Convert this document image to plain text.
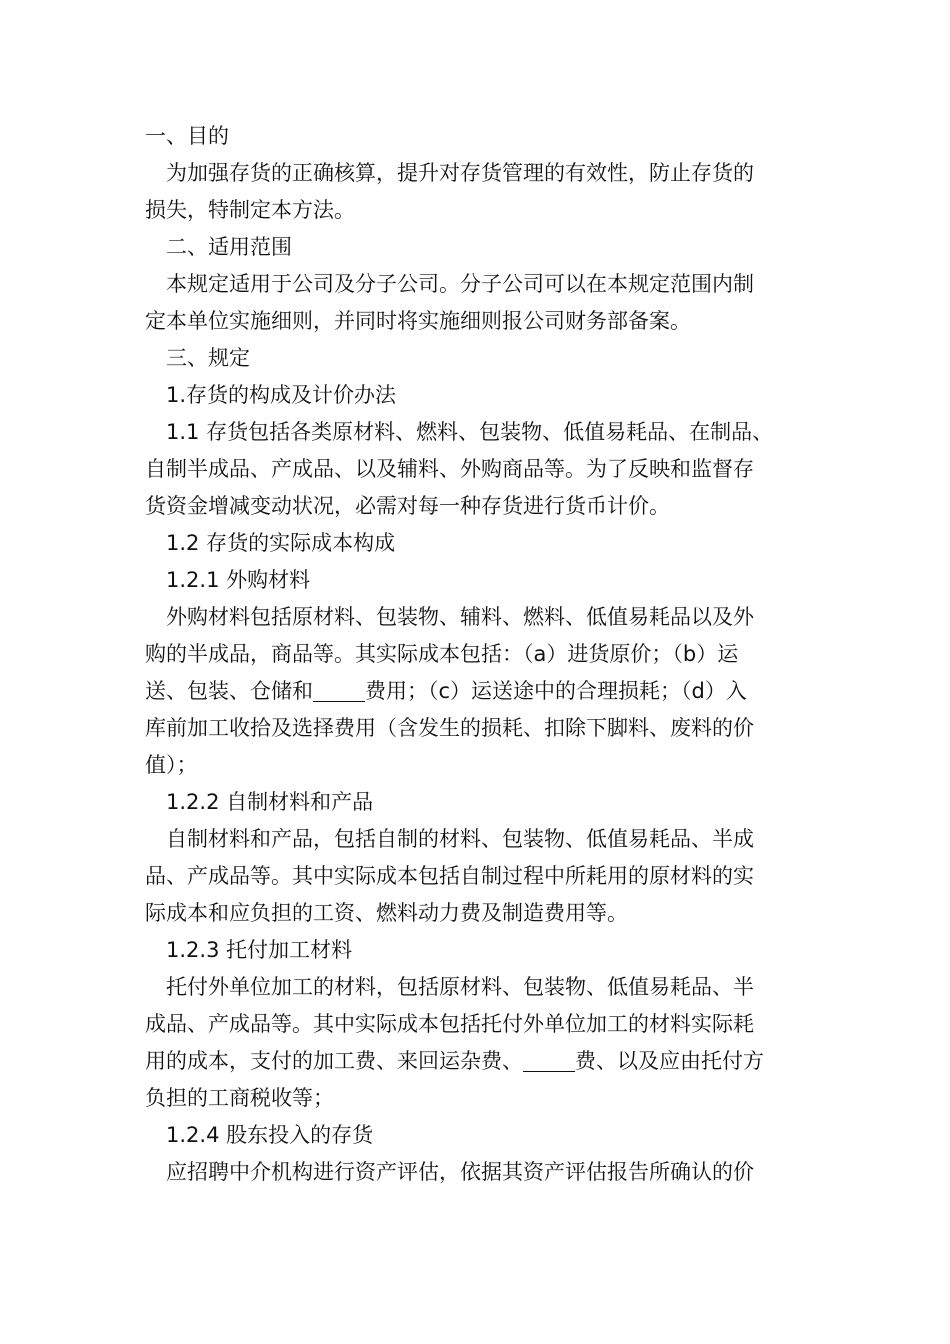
一、目的
为加强存货的正确核算，提升对存货管理的有效性，防止存货的
损失，特制定本方法。
二、适用范围
本规定适用于公司及分子公司。分子公司可以在本规定范围内制
定本单位实施细则，并同时将实施细则报公司财务部备案。
三、规定
1.存货的构成及计价办法
1.1 存货包括各类原材料、燃料、包装物、低值易耗品、在制品、
自制半成品、产成品、以及辅料、外购商品等。为了反映和监督存
货资金增减变动状况，必需对每一种存货进行货币计价。
1.2 存货的实际成本构成
1.2.1 外购材料
外购材料包括原材料、包装物、辅料、燃料、低值易耗品以及外
购的半成品，商品等。其实际成本包括：（a）进货原价；（b）运
送、包装、仓储和 费用；（c）运送途中的合理损耗；（d）入
库前加工收拾及选择费用（含发生的损耗、扣除下脚料、废料的价
值）；
1.2.2 自制材料和产品
自制材料和产品，包括自制的材料、包装物、低值易耗品、半成
品、产成品等。其中实际成本包括自制过程中所耗用的原材料的实
际成本和应负担的工资、燃料动力费及制造费用等。
1.2.3 托付加工材料
托付外单位加工的材料，包括原材料、包装物、低值易耗品、半
成品、产成品等。其中实际成本包括托付外单位加工的材料实际耗
用的成本，支付的加工费、来回运杂费、 费、以及应由托付方
负担的工商税收等；
1.2.4 股东投入的存货
应招聘中介机构进行资产评估，依据其资产评估报告所确认的价
